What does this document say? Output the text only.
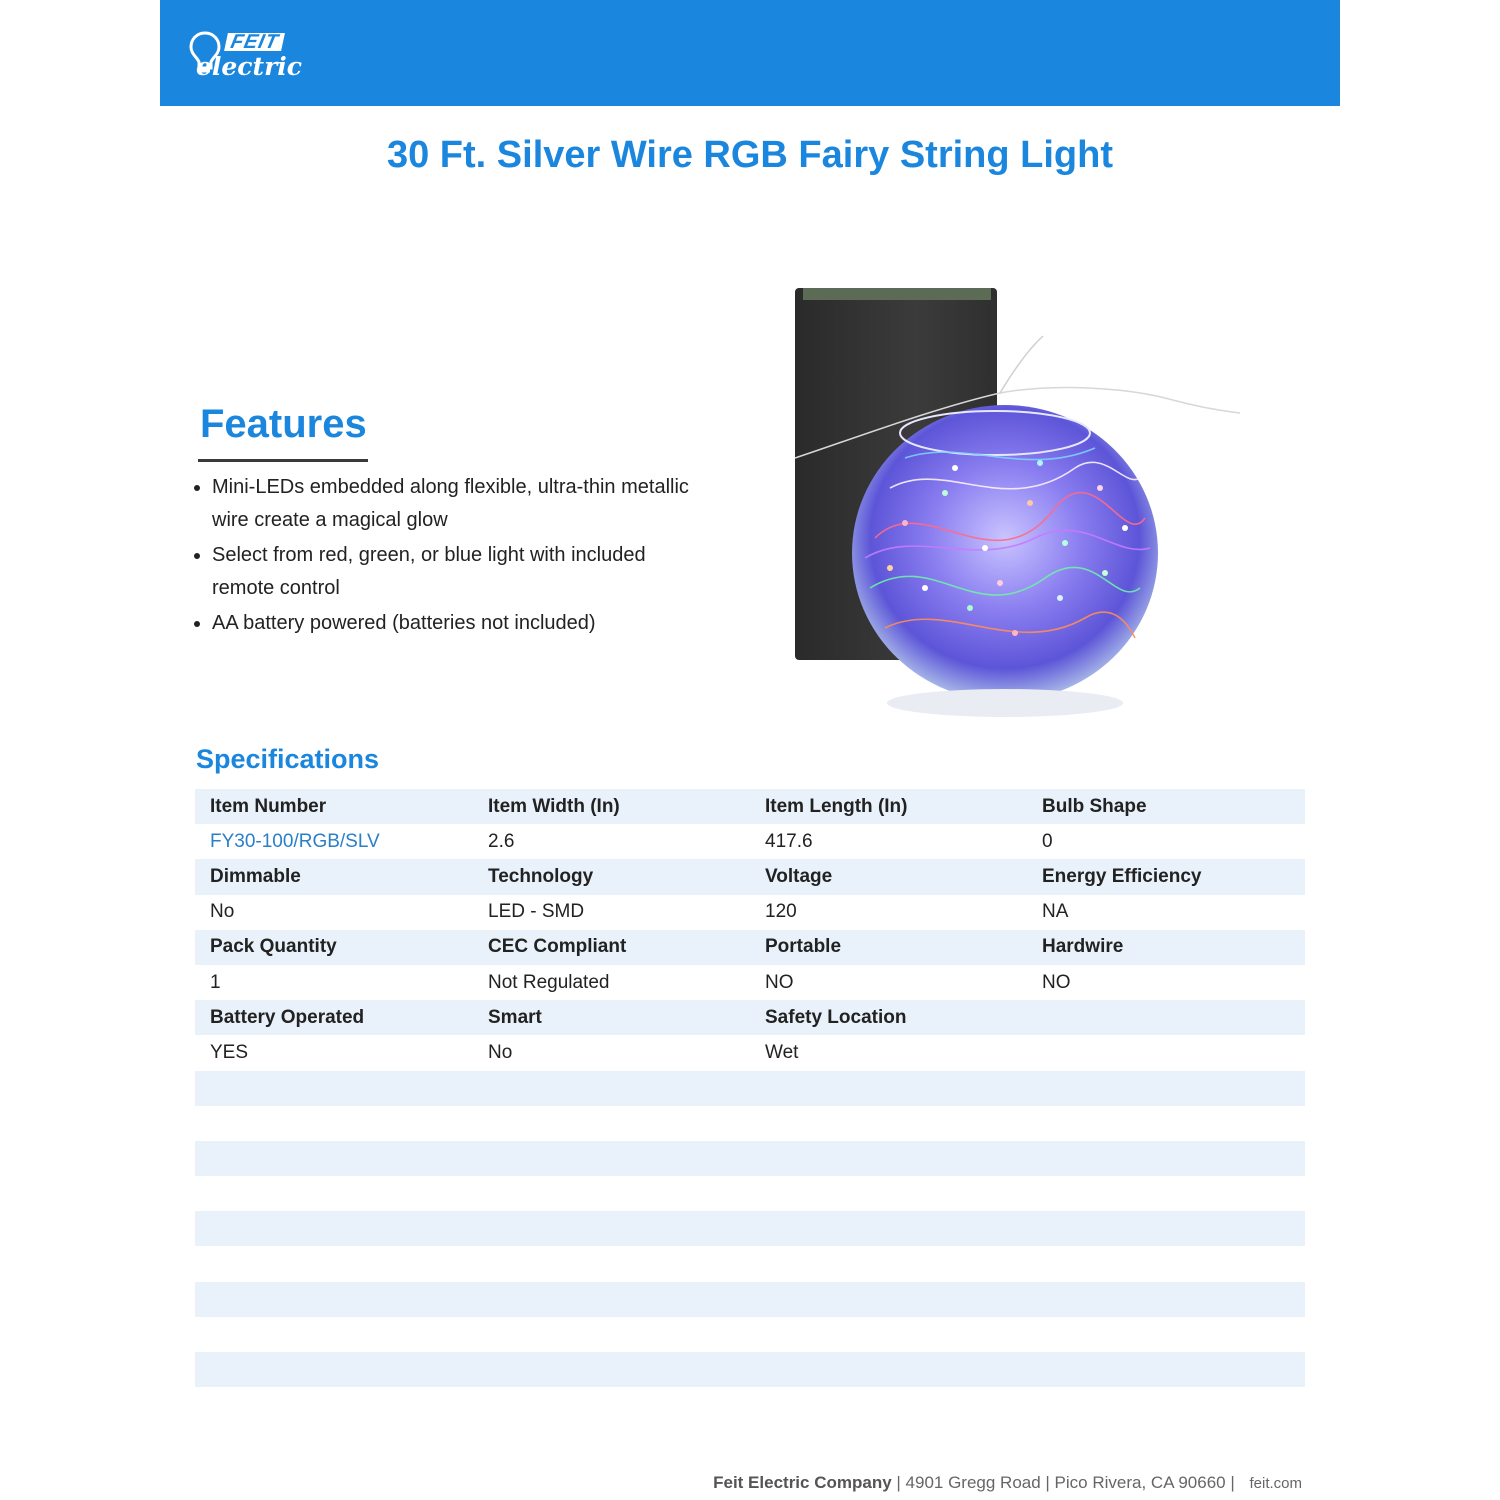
FEIT
electric
30 Ft. Silver Wire RGB Fairy String Light
Features
Mini-LEDs embedded along flexible, ultra-thin metallic wire create a magical glow
Select from red, green, or blue light with included remote control
AA battery powered (batteries not included)
Specifications
Item Number	Item Width (In)	Item Length (In)	Bulb Shape
FY30-100/RGB/SLV	2.6	417.6	0
Dimmable	Technology	Voltage	Energy Efficiency
No	LED - SMD	120	NA
Pack Quantity	CEC Compliant	Portable	Hardwire
1	Not Regulated	NO	NO
Battery Operated	Smart	Safety Location	
YES	No	Wet	

Feit Electric Company | 4901 Gregg Road | Pico Rivera, CA 90660 | feit.com
